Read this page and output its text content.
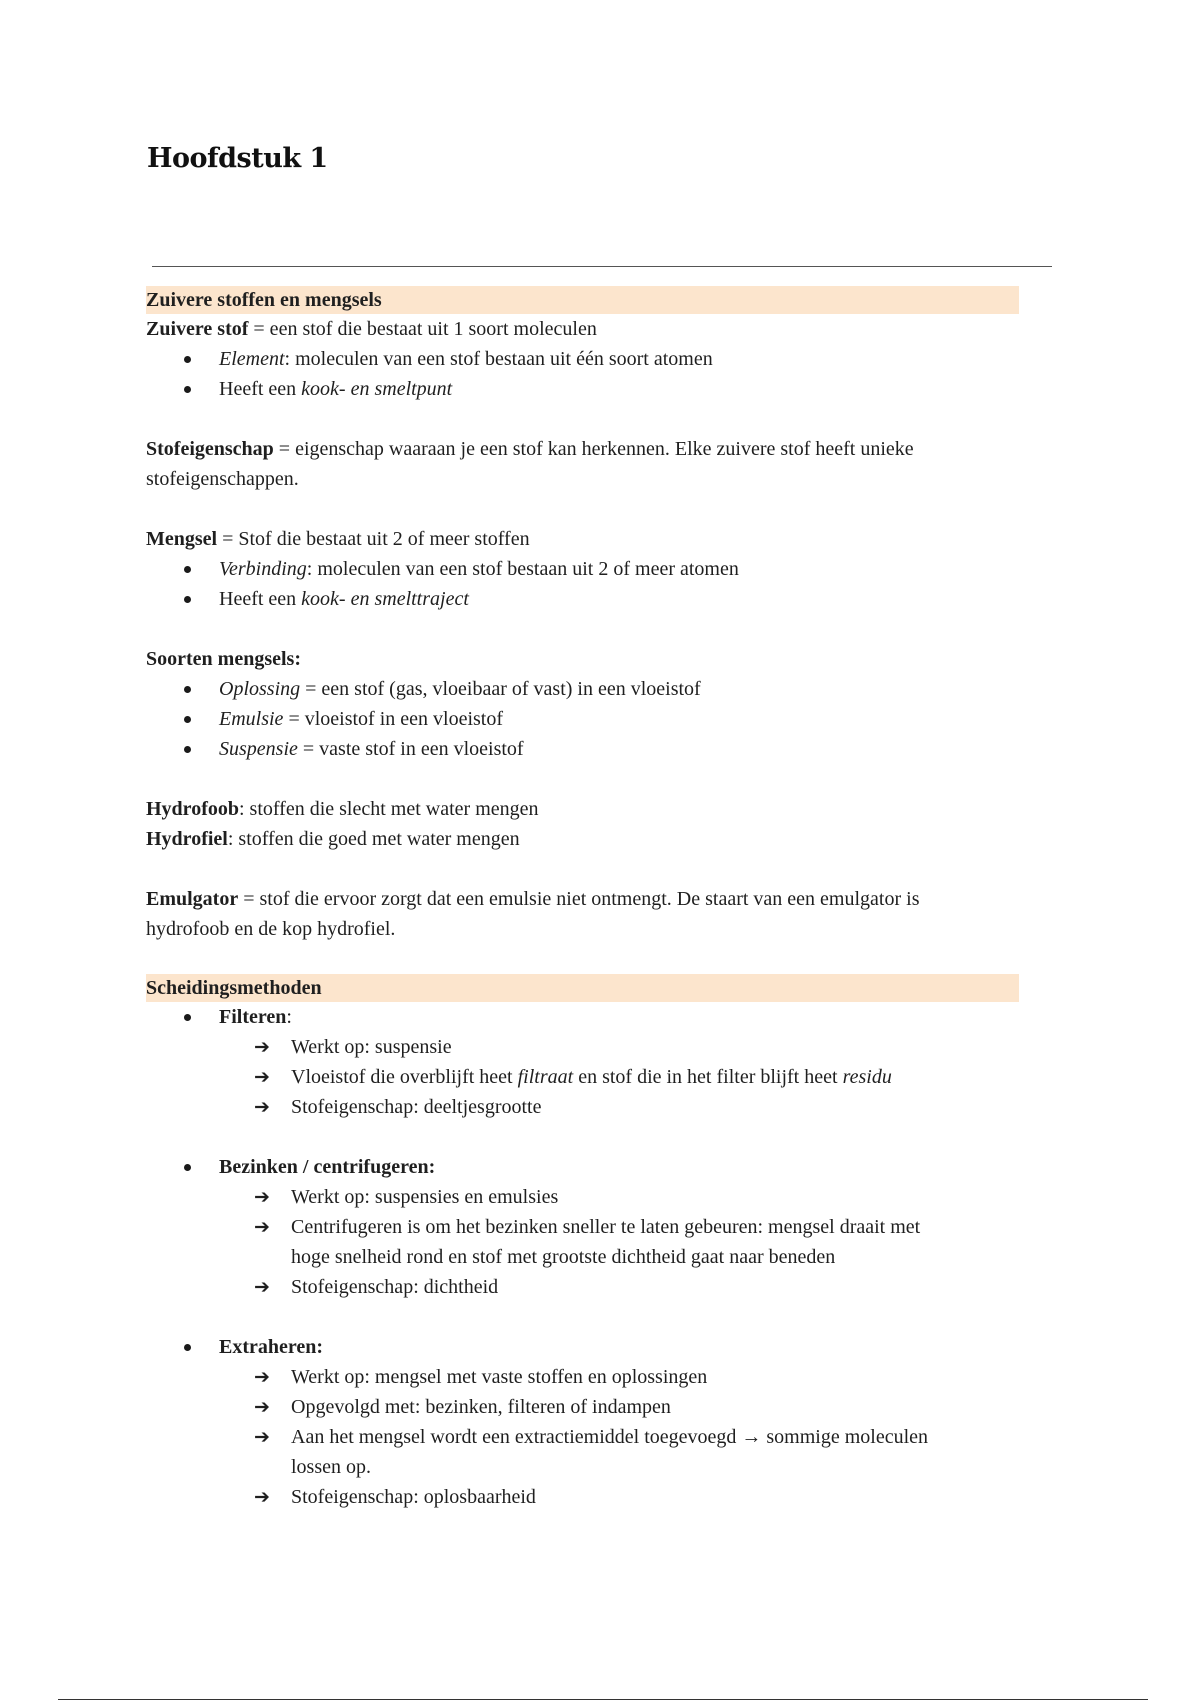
Hoofdstuk 1
Zuivere stoffen en mengsels

Zuivere stof = een stof die bestaat uit 1 soort moleculen

Element: moleculen van een stof bestaan uit één soort atomen
Heeft een kook- en smeltpunt

Stofeigenschap = eigenschap waaraan je een stof kan herkennen. Elke zuivere stof heeft unieke
stofeigenschappen.

Mengsel = Stof die bestaat uit 2 of meer stoffen

Verbinding: moleculen van een stof bestaan uit 2 of meer atomen
Heeft een kook- en smelttraject

Soorten mengsels:

Oplossing = een stof (gas, vloeibaar of vast) in een vloeistof
Emulsie = vloeistof in een vloeistof
Suspensie = vaste stof in een vloeistof

Hydrofoob: stoffen die slecht met water mengen

Hydrofiel: stoffen die goed met water mengen

Emulgator = stof die ervoor zorgt dat een emulsie niet ontmengt. De staart van een emulgator is
hydrofoob en de kop hydrofiel.

Scheidingsmethoden
Filteren:
➔ Werkt op: suspensie
➔ Vloeistof die overblijft heet filtraat en stof die in het filter blijft heet residu
➔ Stofeigenschap: deeltjesgrootte
Bezinken / centrifugeren:
➔ Werkt op: suspensies en emulsies
➔ Centrifugeren is om het bezinken sneller te laten gebeuren: mengsel draait met
hoge snelheid rond en stof met grootste dichtheid gaat naar beneden
➔ Stofeigenschap: dichtheid
Extraheren:
➔ Werkt op: mengsel met vaste stoffen en oplossingen
➔ Opgevolgd met: bezinken, filteren of indampen
➔ Aan het mengsel wordt een extractiemiddel toegevoegd → sommige moleculen
lossen op.
➔ Stofeigenschap: oplosbaarheid
